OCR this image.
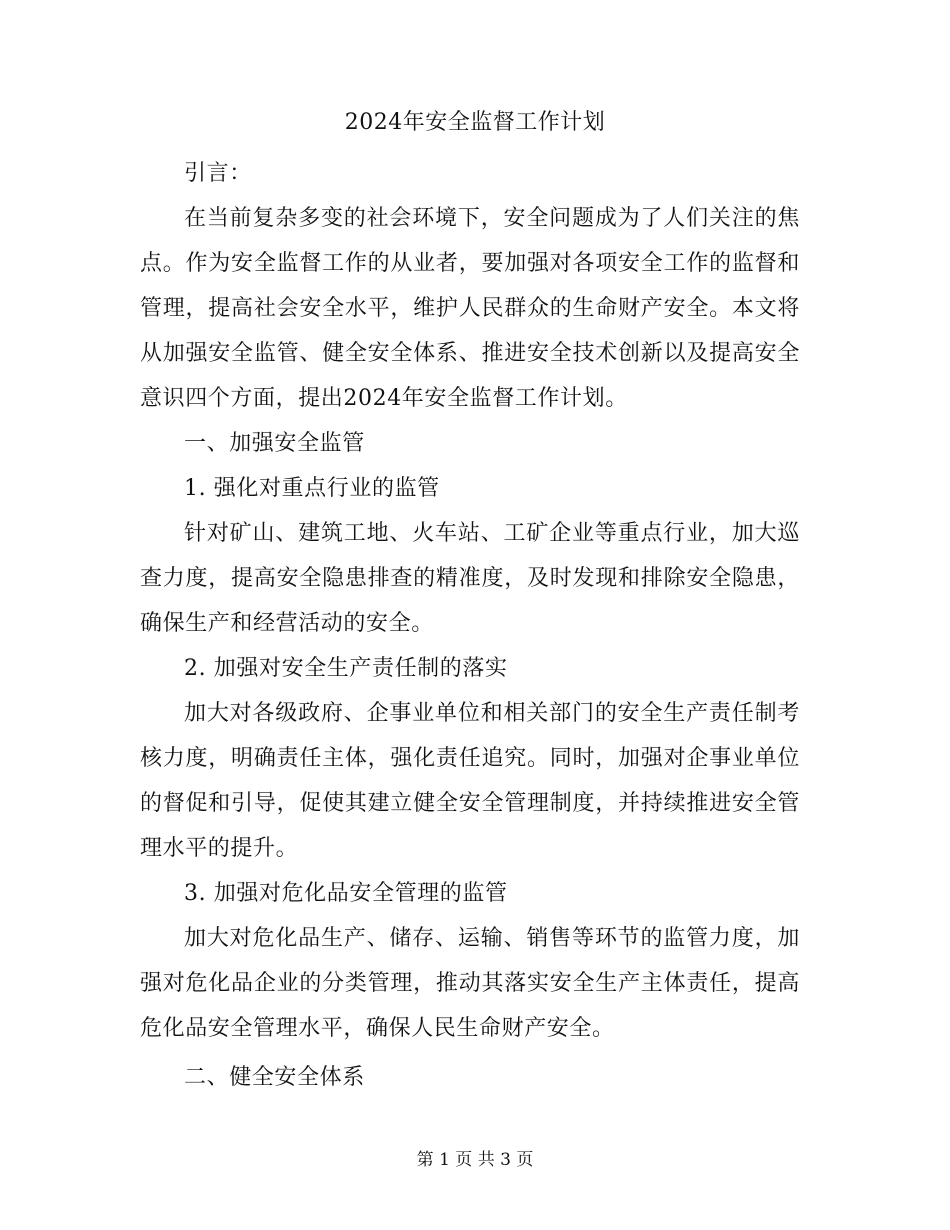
2024年安全监督工作计划

引言：

在当前复杂多变的社会环境下，安全问题成为了人们关注的焦点。作为安全监督工作的从业者，要加强对各项安全工作的监督和管理，提高社会安全水平，维护人民群众的生命财产安全。本文将从加强安全监管、健全安全体系、推进安全技术创新以及提高安全意识四个方面，提出2024年安全监督工作计划。

一、加强安全监管

1. 强化对重点行业的监管

针对矿山、建筑工地、火车站、工矿企业等重点行业，加大巡查力度，提高安全隐患排查的精准度，及时发现和排除安全隐患，确保生产和经营活动的安全。

2. 加强对安全生产责任制的落实

加大对各级政府、企事业单位和相关部门的安全生产责任制考核力度，明确责任主体，强化责任追究。同时，加强对企事业单位的督促和引导，促使其建立健全安全管理制度，并持续推进安全管理水平的提升。

3. 加强对危化品安全管理的监管

加大对危化品生产、储存、运输、销售等环节的监管力度，加强对危化品企业的分类管理，推动其落实安全生产主体责任，提高危化品安全管理水平，确保人民生命财产安全。

二、健全安全体系

第 1 页 共 3 页
